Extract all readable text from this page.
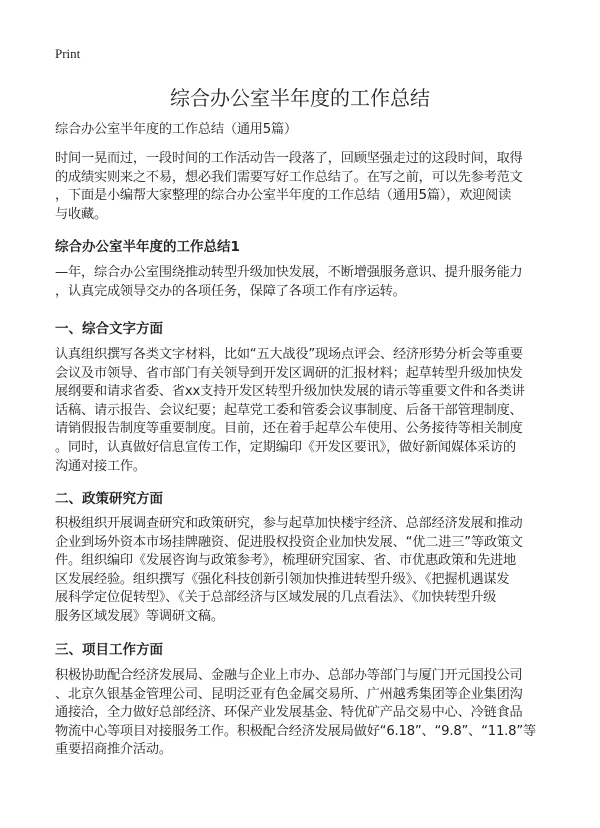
Print
综合办公室半年度的工作总结
综合办公室半年度的工作总结（通用5篇）
时间一晃而过，一段时间的工作活动告一段落了，回顾坚强走过的这段时间，取得
的成绩实则来之不易，想必我们需要写好工作总结了。在写之前，可以先参考范文
，下面是小编帮大家整理的综合办公室半年度的工作总结（通用5篇），欢迎阅读
与收藏。
综合办公室半年度的工作总结1
—年，综合办公室围绕推动转型升级加快发展，不断增强服务意识、提升服务能力
，认真完成领导交办的各项任务，保障了各项工作有序运转。
一、综合文字方面
认真组织撰写各类文字材料，比如“五大战役”现场点评会、经济形势分析会等重要
会议及市领导、省市部门有关领导到开发区调研的汇报材料；起草转型升级加快发
展纲要和请求省委、省xx支持开发区转型升级加快发展的请示等重要文件和各类讲
话稿、请示报告、会议纪要；起草党工委和管委会议事制度、后备干部管理制度、
请销假报告制度等重要制度。目前，还在着手起草公车使用、公务接待等相关制度
。同时，认真做好信息宣传工作，定期编印《开发区要讯》，做好新闻媒体采访的
沟通对接工作。
二、政策研究方面
积极组织开展调查研究和政策研究，参与起草加快楼宇经济、总部经济发展和推动
企业到场外资本市场挂牌融资、促进股权投资企业加快发展、“优二进三”等政策文
件。组织编印《发展咨询与政策参考》，梳理研究国家、省、市优惠政策和先进地
区发展经验。组织撰写《强化科技创新引领加快推进转型升级》、《把握机遇谋发
展科学定位促转型》、《关于总部经济与区域发展的几点看法》、《加快转型升级
服务区域发展》等调研文稿。
三、项目工作方面
积极协助配合经济发展局、金融与企业上市办、总部办等部门与厦门开元国投公司
、北京久银基金管理公司、昆明泛亚有色金属交易所、广州越秀集团等企业集团沟
通接洽，全力做好总部经济、环保产业发展基金、特优矿产品交易中心、冷链食品
物流中心等项目对接服务工作。积极配合经济发展局做好“6.18”、“9.8”、“11.8”等
重要招商推介活动。
